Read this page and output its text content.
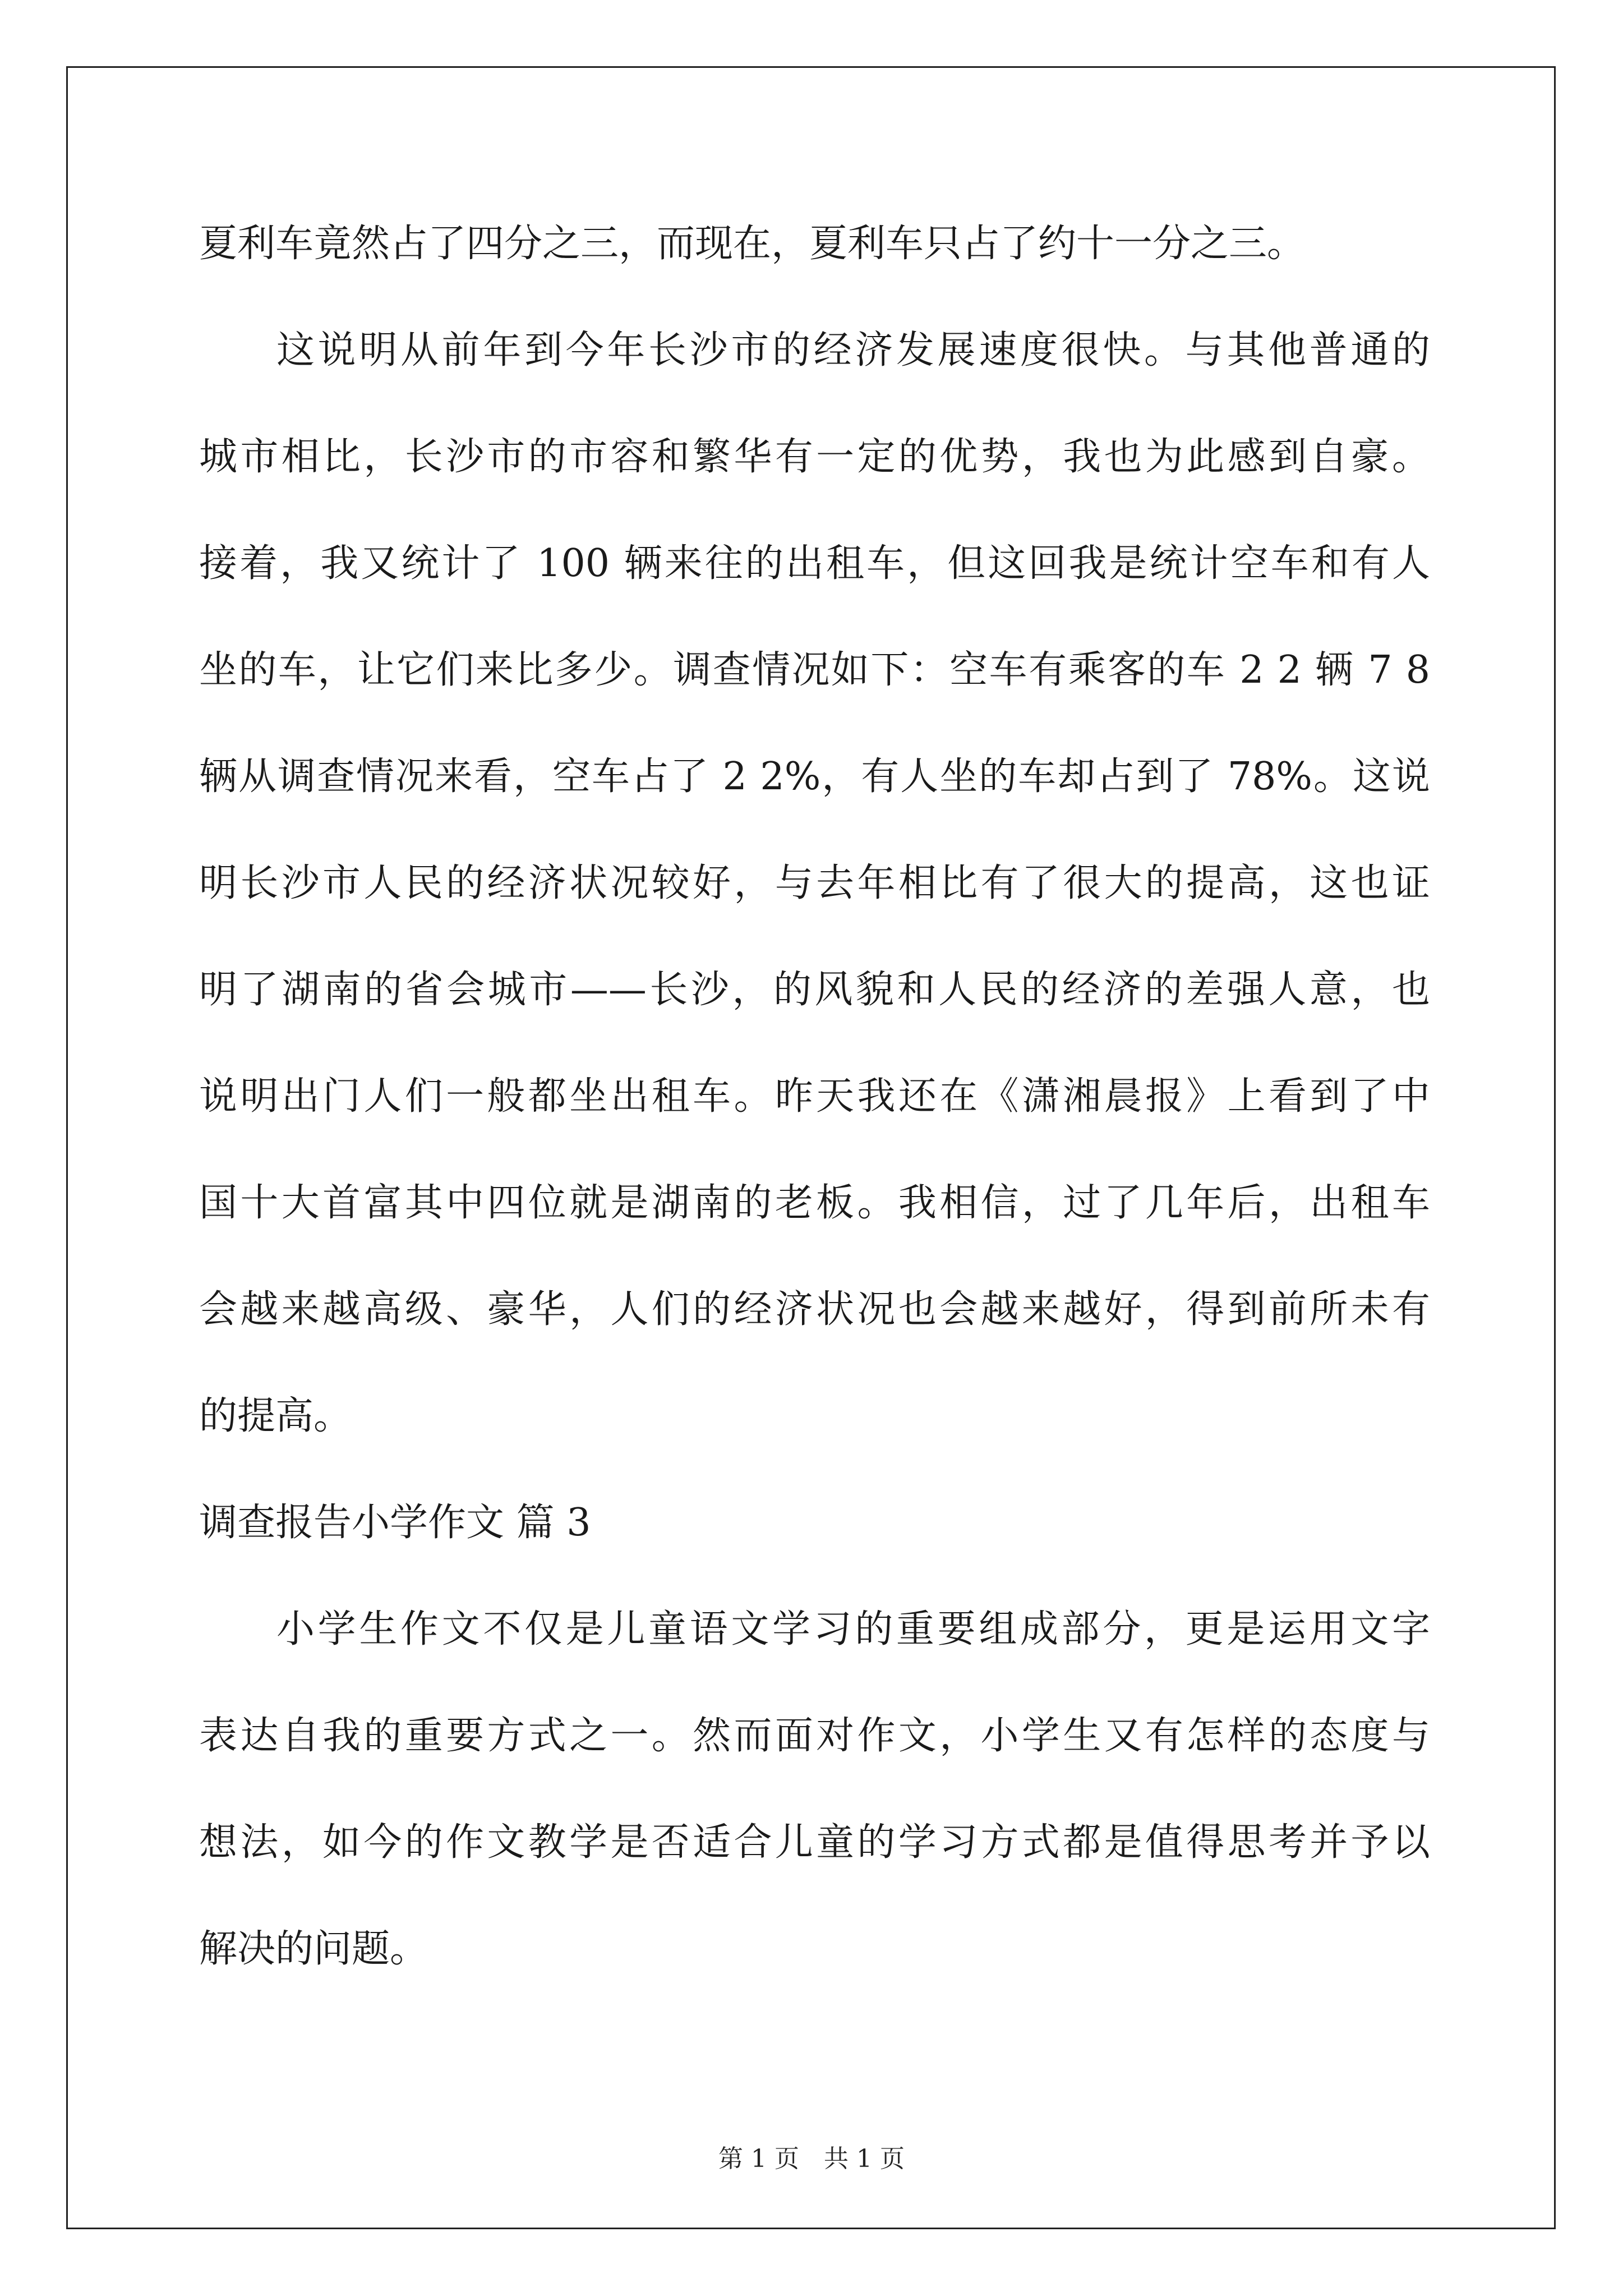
夏利车竟然占了四分之三，而现在，夏利车只占了约十一分之三。
这说明从前年到今年长沙市的经济发展速度很快。与其他普通的
城市相比，长沙市的市容和繁华有一定的优势，我也为此感到自豪。
接着，我又统计了 100 辆来往的出租车，但这回我是统计空车和有人
坐的车，让它们来比多少。调查情况如下：空车有乘客的车 2 2 辆 7 8
辆从调查情况来看，空车占了 2 2%，有人坐的车却占到了 78%。这说
明长沙市人民的经济状况较好，与去年相比有了很大的提高，这也证
明了湖南的省会城市——长沙，的风貌和人民的经济的差强人意，也
说明出门人们一般都坐出租车。昨天我还在《潇湘晨报》上看到了中
国十大首富其中四位就是湖南的老板。我相信，过了几年后，出租车
会越来越高级、豪华，人们的经济状况也会越来越好，得到前所未有
的提高。
调查报告小学作文 篇 3
小学生作文不仅是儿童语文学习的重要组成部分，更是运用文字
表达自我的重要方式之一。然而面对作文，小学生又有怎样的态度与
想法，如今的作文教学是否适合儿童的学习方式都是值得思考并予以
解决的问题。
第 1 页　共 1 页
